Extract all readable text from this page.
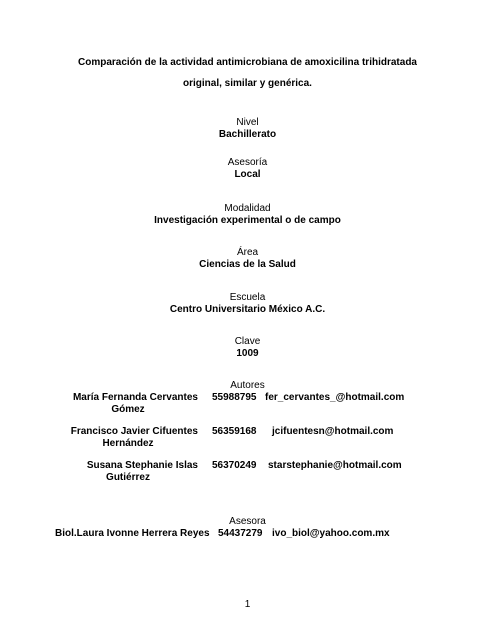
Comparación de la actividad antimicrobiana de amoxicilina trihidratada
original, similar y genérica.
Nivel
Bachillerato
Asesoría
Local
Modalidad
Investigación experimental o de campo
Área
Ciencias de la Salud
Escuela
Centro Universitario México A.C.
Clave
1009
Autores
María Fernanda Cervantes
Gómez
55988795 fer_cervantes_@hotmail.com
Francisco Javier Cifuentes
Hernández
56359168 jcifuentesn@hotmail.com
Susana Stephanie Islas
Gutiérrez
56370249 starstephanie@hotmail.com
Asesora
Biol.Laura Ivonne Herrera Reyes 54437279 ivo_biol@yahoo.com.mx
1
